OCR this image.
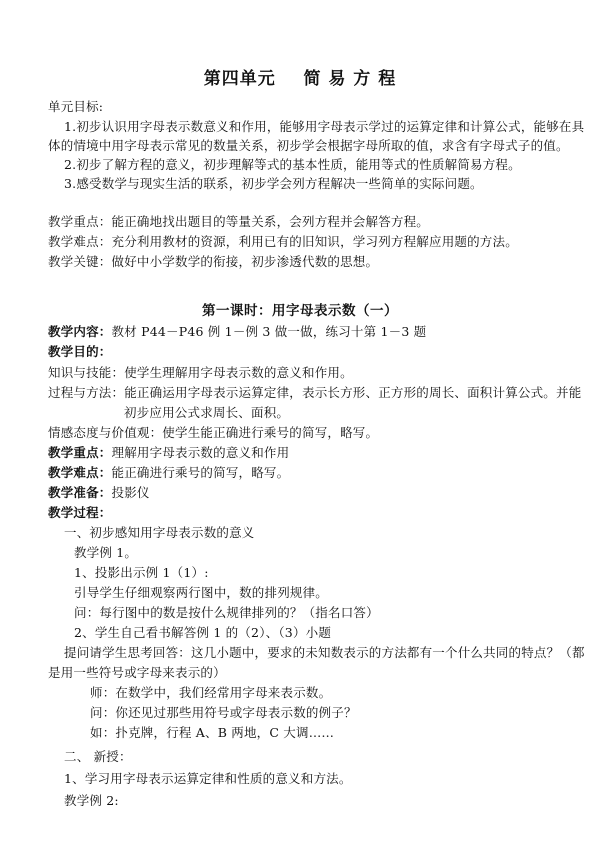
第四单元    简 易 方 程
单元目标:
1.初步认识用字母表示数意义和作用，能够用字母表示学过的运算定律和计算公式，能够在具
体的情境中用字母表示常见的数量关系，初步学会根据字母所取的值，求含有字母式子的值。
2.初步了解方程的意义，初步理解等式的基本性质，能用等式的性质解简易方程。
3.感受数学与现实生活的联系，初步学会列方程解决一些简单的实际问题。
教学重点：能正确地找出题目的等量关系，会列方程并会解答方程。
教学难点：充分利用教材的资源，利用已有的旧知识，学习列方程解应用题的方法。
教学关键：做好中小学数学的衔接，初步渗透代数的思想。
第一课时：用字母表示数（一）
教学内容：教材 P44－P46 例 1－例 3 做一做，练习十第 1－3 题
教学目的：
知识与技能：使学生理解用字母表示数的意义和作用。
过程与方法：能正确运用字母表示运算定律，表示长方形、正方形的周长、面积计算公式。并能
初步应用公式求周长、面积。
情感态度与价值观：使学生能正确进行乘号的简写，略写。
教学重点：理解用字母表示数的意义和作用
教学难点：能正确进行乘号的简写，略写。
教学准备：投影仪
教学过程：
一、初步感知用字母表示数的意义
教学例 1。
1、投影出示例 1（1）:
引导学生仔细观察两行图中，数的排列规律。
问：每行图中的数是按什么规律排列的？（指名口答）
2、学生自己看书解答例 1 的（2）、（3）小题
提问请学生思考回答：这几小题中，要求的未知数表示的方法都有一个什么共同的特点？（都
是用一些符号或字母来表示的）
师：在数学中，我们经常用字母来表示数。
问：你还见过那些用符号或字母表示数的例子？
如：扑克牌，行程 A、B 两地，C 大调……
二、 新授：
1、学习用字母表示运算定律和性质的意义和方法。
教学例 2:
